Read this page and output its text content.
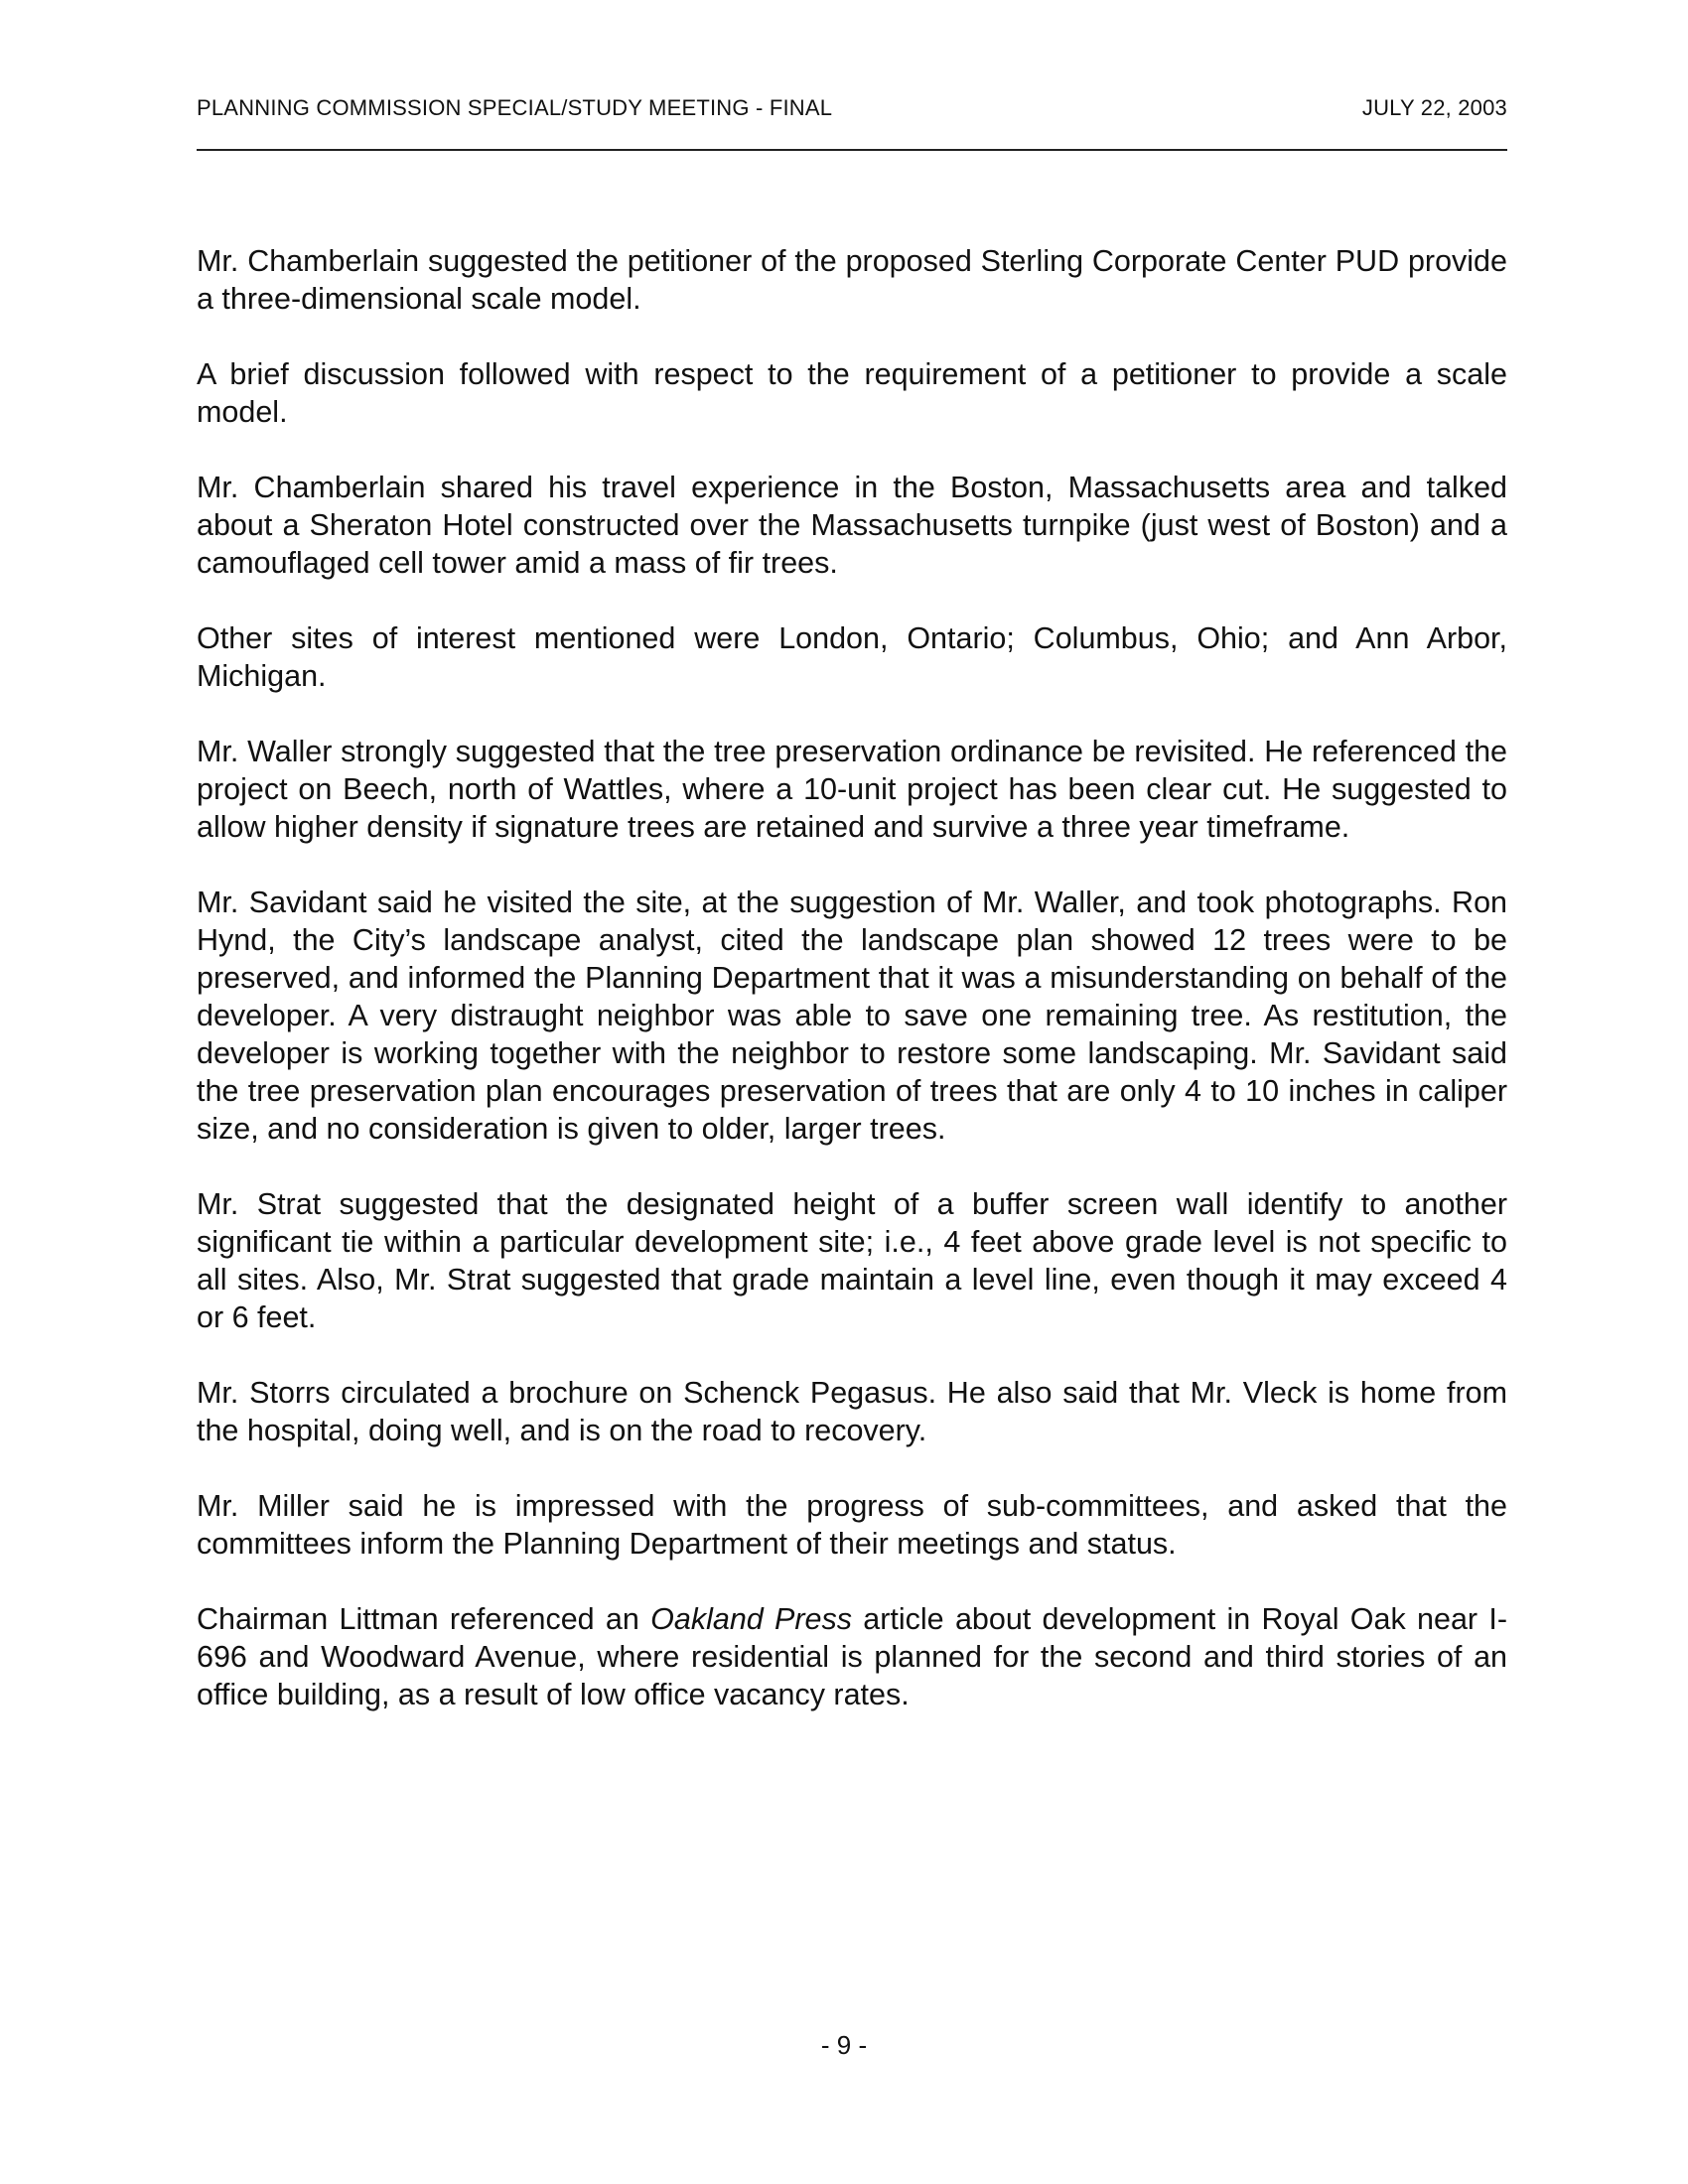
PLANNING COMMISSION SPECIAL/STUDY MEETING - FINAL	JULY 22, 2003

Mr. Chamberlain suggested the petitioner of the proposed Sterling Corporate Center PUD provide a three-dimensional scale model.

A brief discussion followed with respect to the requirement of a petitioner to provide a scale model.

Mr. Chamberlain shared his travel experience in the Boston, Massachusetts area and talked about a Sheraton Hotel constructed over the Massachusetts turnpike (just west of Boston) and a camouflaged cell tower amid a mass of fir trees.

Other sites of interest mentioned were London, Ontario; Columbus, Ohio; and Ann Arbor, Michigan.

Mr. Waller strongly suggested that the tree preservation ordinance be revisited. He referenced the project on Beech, north of Wattles, where a 10-unit project has been clear cut. He suggested to allow higher density if signature trees are retained and survive a three year timeframe.

Mr. Savidant said he visited the site, at the suggestion of Mr. Waller, and took photographs. Ron Hynd, the City’s landscape analyst, cited the landscape plan showed 12 trees were to be preserved, and informed the Planning Department that it was a misunderstanding on behalf of the developer. A very distraught neighbor was able to save one remaining tree. As restitution, the developer is working together with the neighbor to restore some landscaping. Mr. Savidant said the tree preservation plan encourages preservation of trees that are only 4 to 10 inches in caliper size, and no consideration is given to older, larger trees.

Mr. Strat suggested that the designated height of a buffer screen wall identify to another significant tie within a particular development site; i.e., 4 feet above grade level is not specific to all sites. Also, Mr. Strat suggested that grade maintain a level line, even though it may exceed 4 or 6 feet.

Mr. Storrs circulated a brochure on Schenck Pegasus. He also said that Mr. Vleck is home from the hospital, doing well, and is on the road to recovery.

Mr. Miller said he is impressed with the progress of sub-committees, and asked that the committees inform the Planning Department of their meetings and status.

Chairman Littman referenced an Oakland Press article about development in Royal Oak near I-696 and Woodward Avenue, where residential is planned for the second and third stories of an office building, as a result of low office vacancy rates.

- 9 -
